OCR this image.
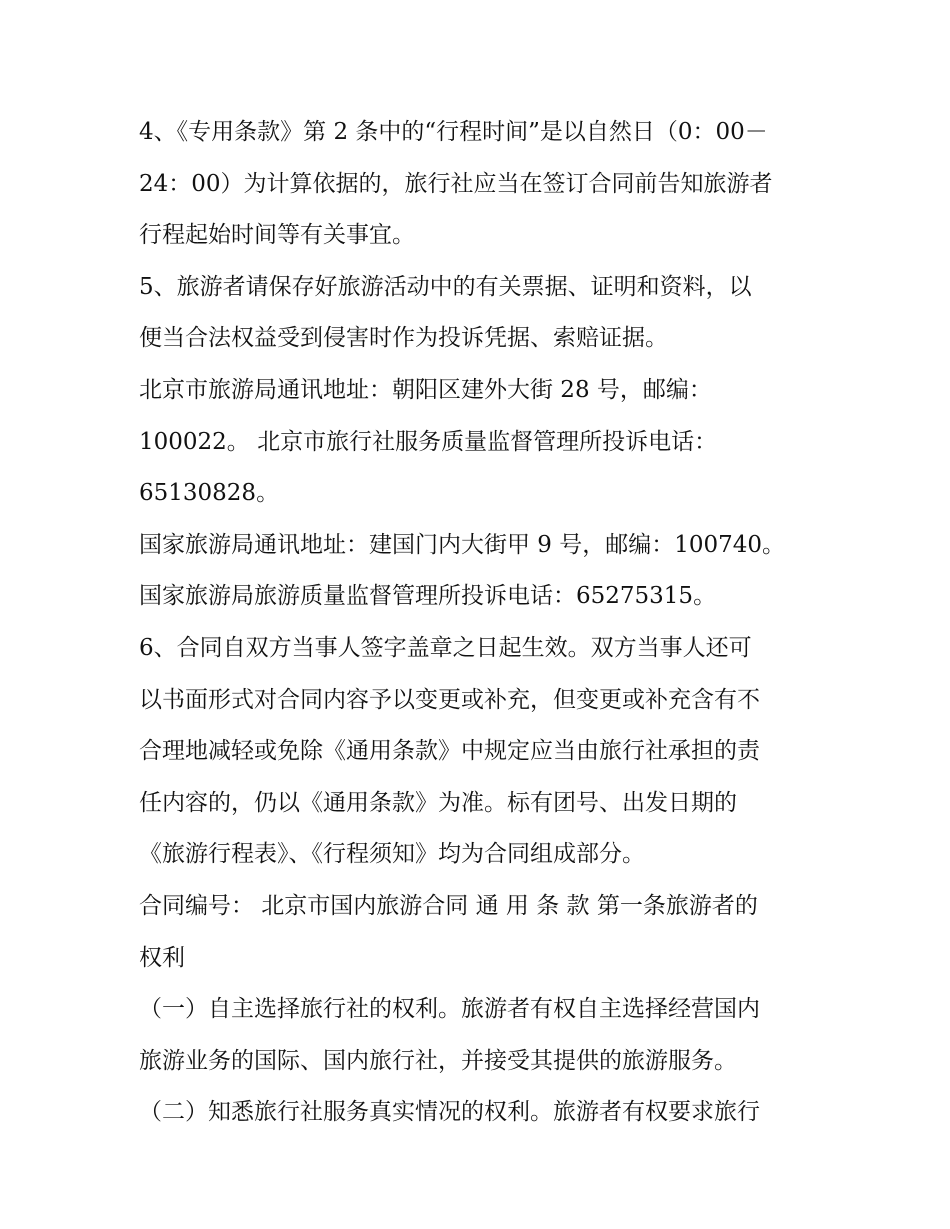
4、《专用条款》第 2 条中的“行程时间”是以自然日（0：00－

24：00）为计算依据的，旅行社应当在签订合同前告知旅游者

行程起始时间等有关事宜。

5、旅游者请保存好旅游活动中的有关票据、证明和资料，以

便当合法权益受到侵害时作为投诉凭据、索赔证据。

北京市旅游局通讯地址：朝阳区建外大街 28 号，邮编：

100022。 北京市旅行社服务质量监督管理所投诉电话：

65130828。

国家旅游局通讯地址：建国门内大街甲 9 号，邮编：100740。

国家旅游局旅游质量监督管理所投诉电话：65275315。

6、合同自双方当事人签字盖章之日起生效。双方当事人还可

以书面形式对合同内容予以变更或补充，但变更或补充含有不

合理地减轻或免除《通用条款》中规定应当由旅行社承担的责

任内容的，仍以《通用条款》为准。标有团号、出发日期的

《旅游行程表》、《行程须知》均为合同组成部分。

合同编号： 北京市国内旅游合同 通 用 条 款 第一条旅游者的

权利

（一）自主选择旅行社的权利。旅游者有权自主选择经营国内

旅游业务的国际、国内旅行社，并接受其提供的旅游服务。

（二）知悉旅行社服务真实情况的权利。旅游者有权要求旅行
